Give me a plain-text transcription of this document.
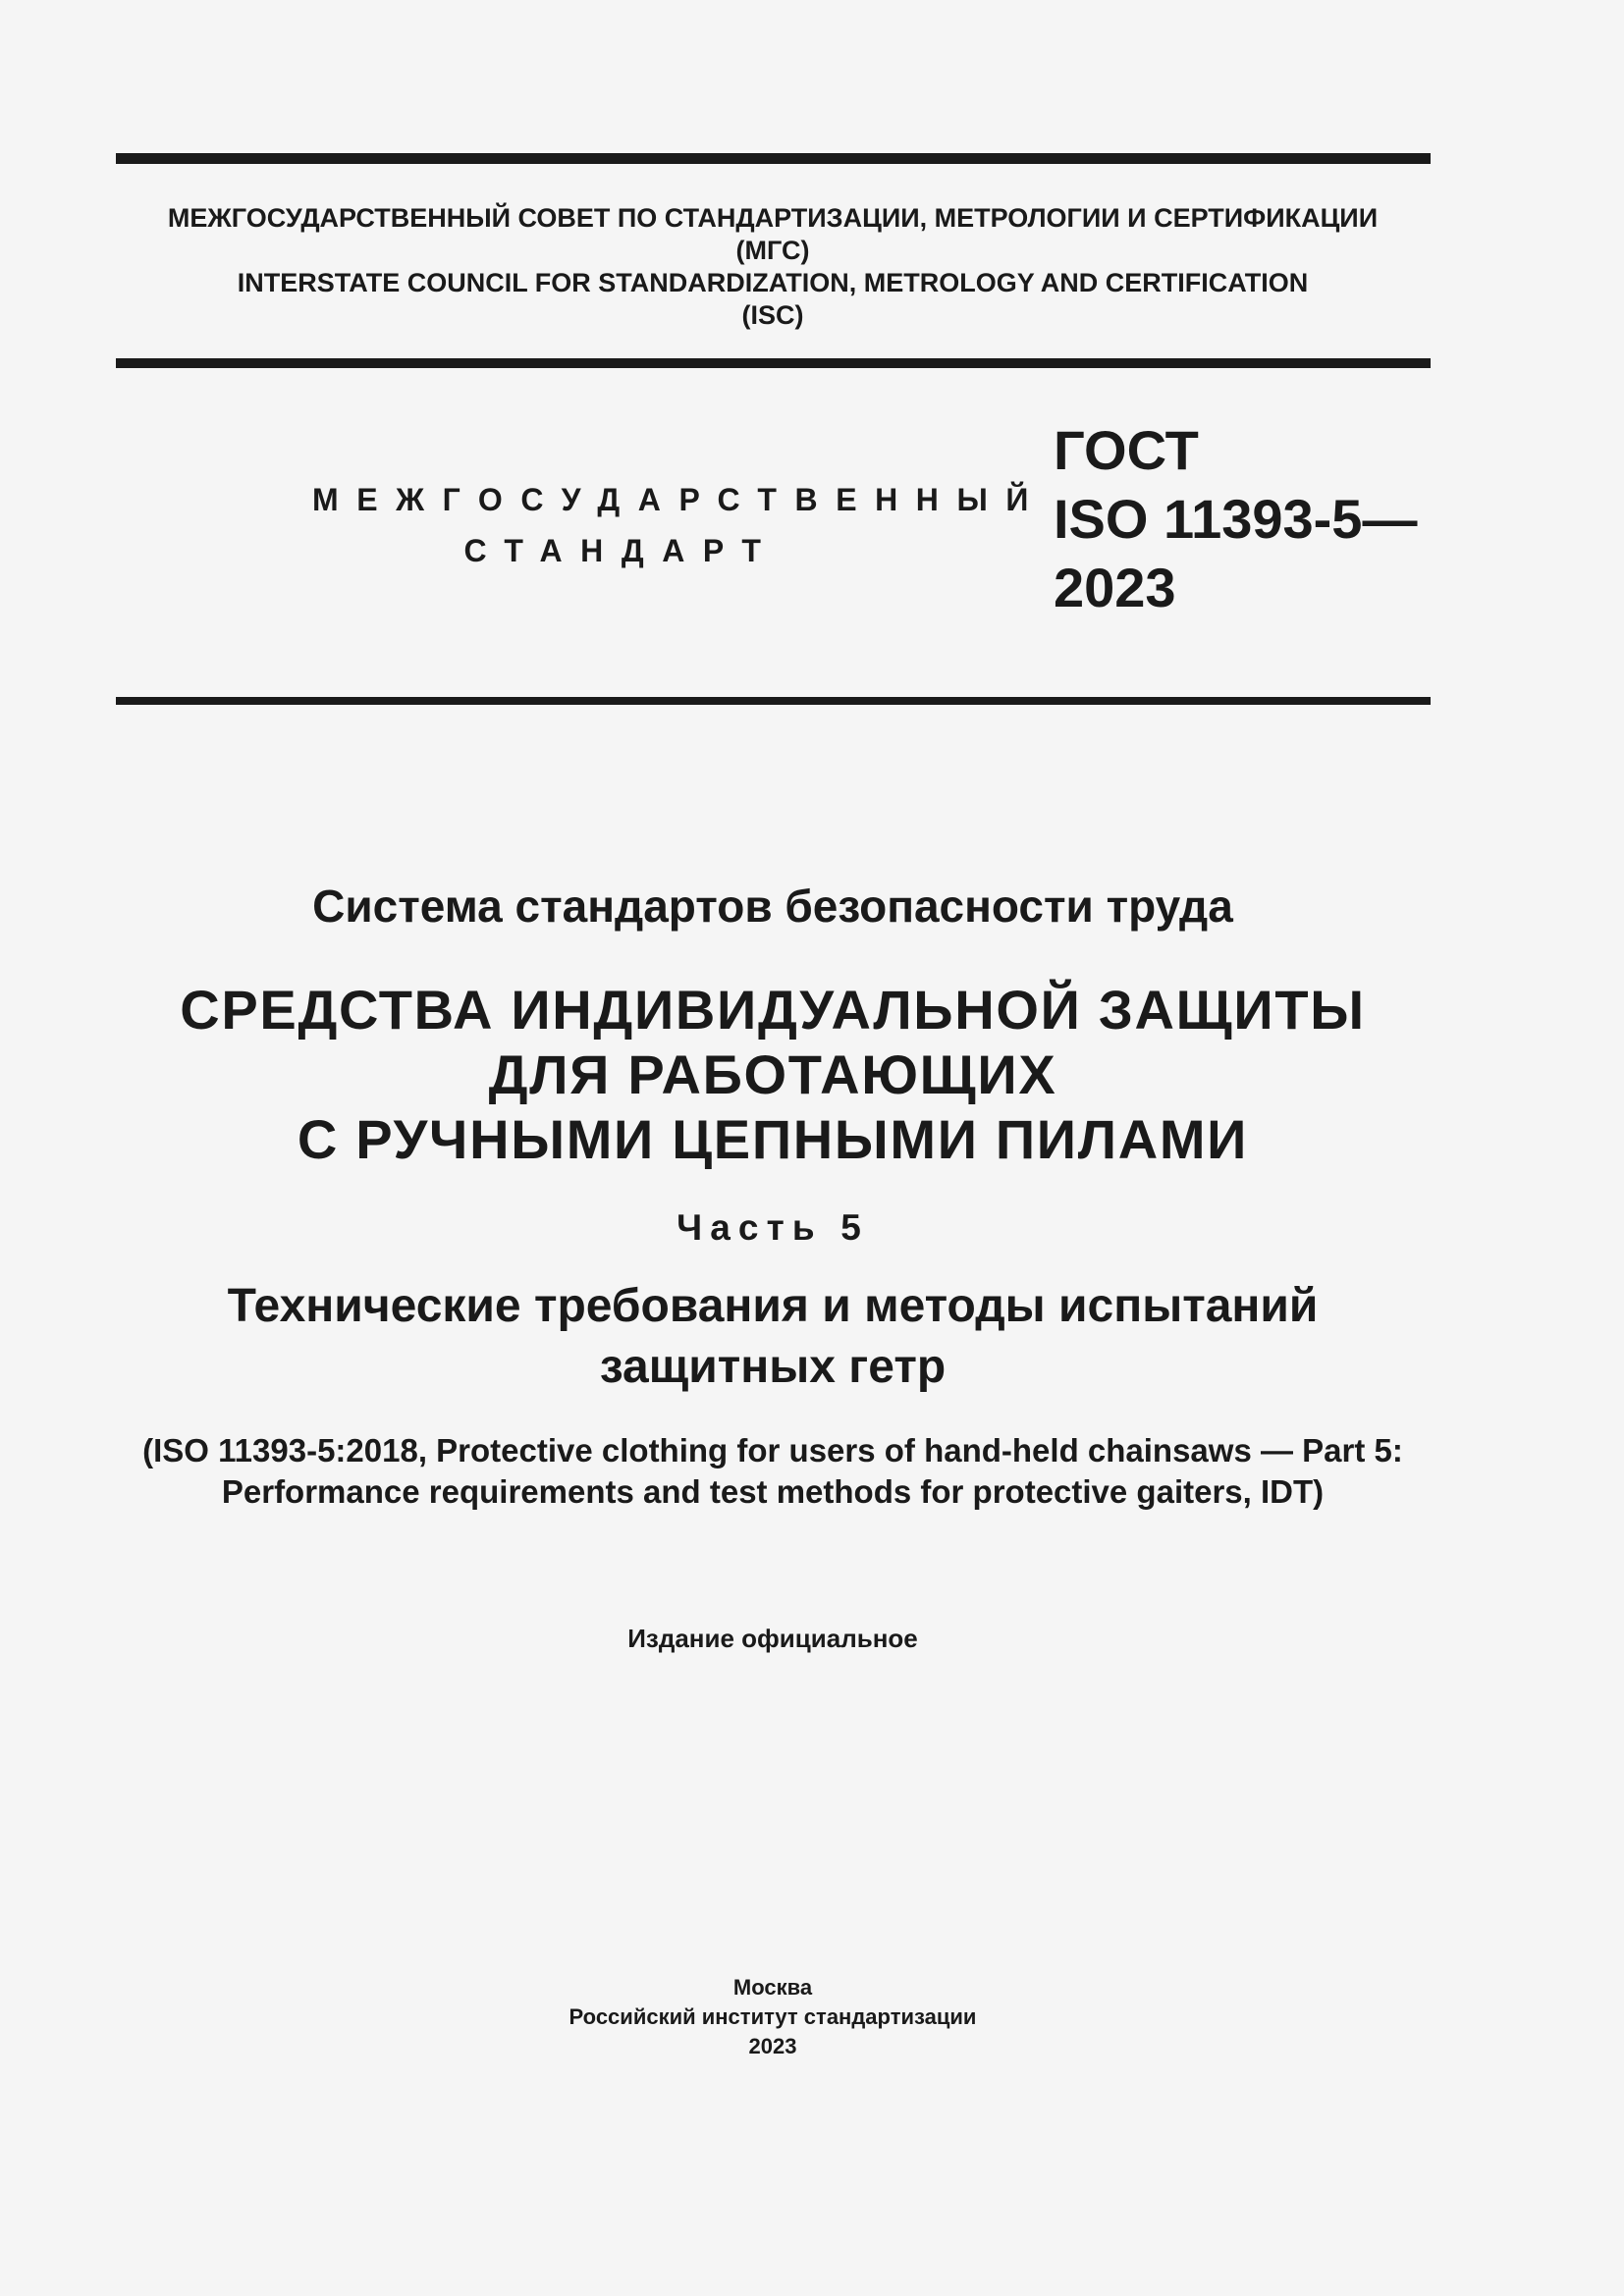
МЕЖГОСУДАРСТВЕННЫЙ СОВЕТ ПО СТАНДАРТИЗАЦИИ, МЕТРОЛОГИИ И СЕРТИФИКАЦИИ
(МГС)
INTERSTATE COUNCIL FOR STANDARDIZATION, METROLOGY AND CERTIFICATION
(ISC)
МЕЖГОСУДАРСТВЕННЫЙ
СТАНДАРТ
ГОСТ
ISO 11393-5—
2023
Система стандартов безопасности труда
СРЕДСТВА ИНДИВИДУАЛЬНОЙ ЗАЩИТЫ
ДЛЯ РАБОТАЮЩИХ
С РУЧНЫМИ ЦЕПНЫМИ ПИЛАМИ
Часть 5
Технические требования и методы испытаний
защитных гетр
(ISO 11393-5:2018, Protective clothing for users of hand-held chainsaws — Part 5:
Performance requirements and test methods for protective gaiters, IDT)
Издание официальное
Москва
Российский институт стандартизации
2023
